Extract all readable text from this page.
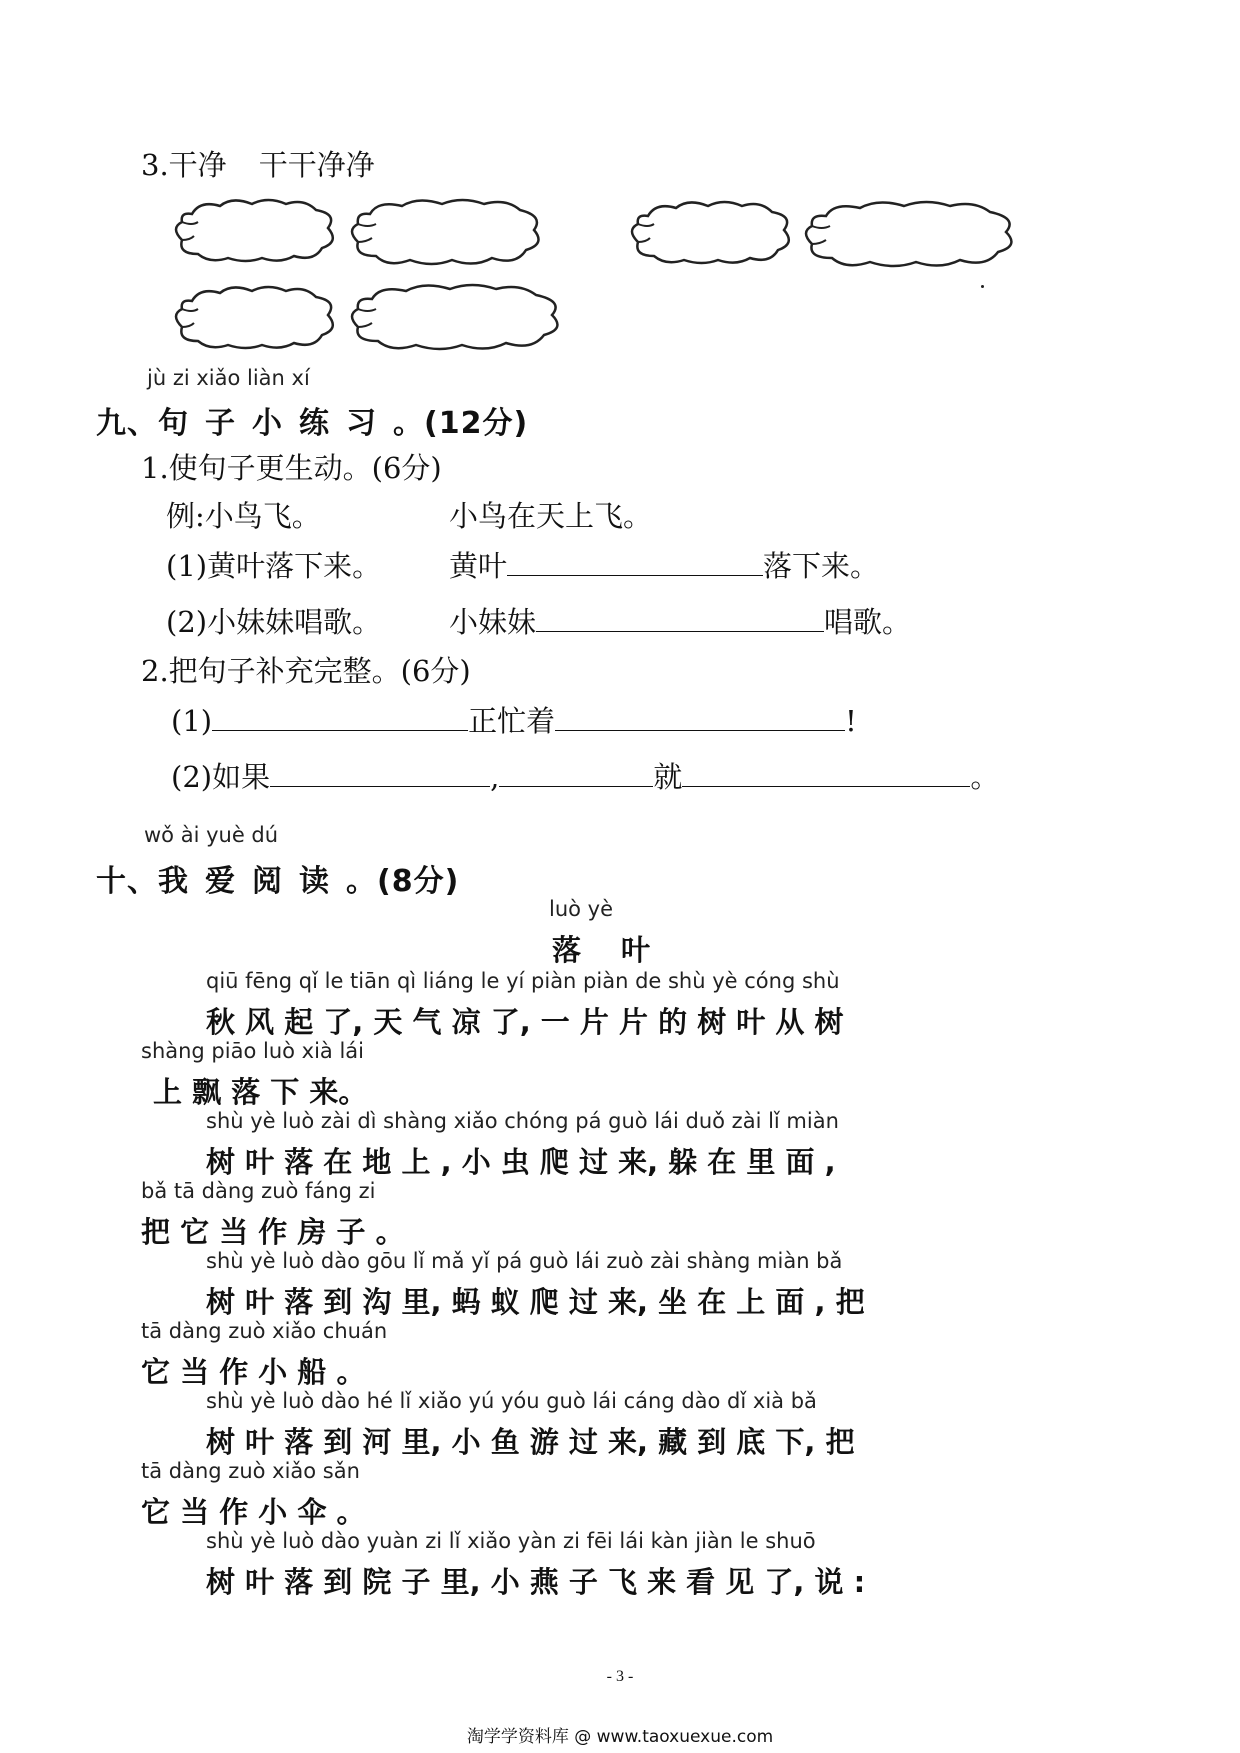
3.干净 干干净净
jù zi xiǎo liàn xí
九、句子小练习。(12分)
1.使句子更生动。(6分)
例:小鸟飞。	小鸟在天上飞。
(1)黄叶落下来。 黄叶	落下来。
(2)小妹妹唱歌。 小妹妹	唱歌。
2.把句子补充完整。(6分)
(1)	正忙着	!
(2)如果	,	就	。
wǒ ài yuè dú
十、我爱阅读。(8分)
luò yè
落叶
qiū fēng qǐ le tiān qì liáng le yí piàn piàn de shù yè cóng shù
秋 风 起 了, 天 气 凉 了, 一 片 片 的 树 叶 从 树
shàng piāo luò xià lái
上 飘 落 下 来。
shù yè luò zài dì shàng xiǎo chóng pá guò lái duǒ zài lǐ miàn
树 叶 落 在 地 上 , 小 虫 爬 过 来, 躲 在 里 面 ,
bǎ tā dàng zuò fáng zi
把 它 当 作 房 子 。
shù yè luò dào gōu lǐ mǎ yǐ pá guò lái zuò zài shàng miàn bǎ
树 叶 落 到 沟 里, 蚂 蚁 爬 过 来, 坐 在 上 面 , 把
tā dàng zuò xiǎo chuán
它 当 作 小 船 。
shù yè luò dào hé lǐ xiǎo yú yóu guò lái cáng dào dǐ xià bǎ
树 叶 落 到 河 里, 小 鱼 游 过 来, 藏 到 底 下, 把
tā dàng zuò xiǎo sǎn
它 当 作 小 伞 。
shù yè luò dào yuàn zi lǐ xiǎo yàn zi fēi lái kàn jiàn le shuō
树 叶 落 到 院 子 里, 小 燕 子 飞 来 看 见 了, 说 :
- 3 -
淘学学资料库 @ www.taoxuexue.com
